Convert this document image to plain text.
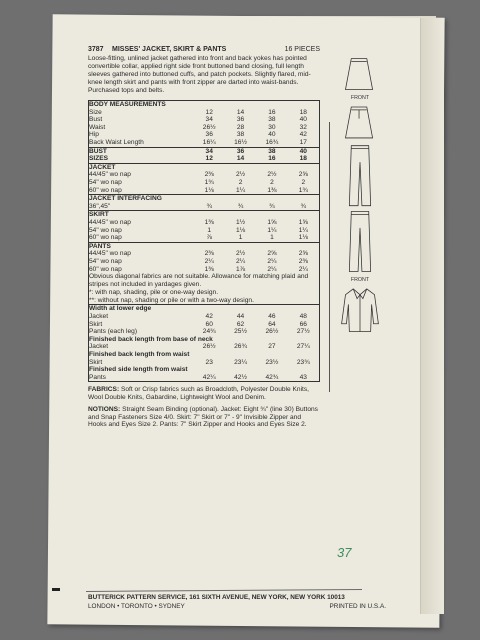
3787	MISSES' JACKET, SKIRT & PANTS	16 PIECES

Loose-fitting, unlined jacket gathered into front and back yokes has pointed convertible collar, applied right side front buttoned band closing, full length sleeves gathered into buttoned cuffs, and patch pockets. Slightly flared, mid-knee length skirt and pants with front zipper are darted into waist-bands. Purchased tops and belts.

BODY MEASUREMENTS				
Size	12	14	16	18
Bust	34	36	38	40
Waist	26½	28	30	32
Hip	36	38	40	42
Back Waist Length	16¼	16½	16¾	17
BUST	34	36	38	40
SIZES	12	14	16	18
JACKET				
44/45" wo nap	2⅜	2½	2½	2⅝
54" wo nap	1¾	2	2	2
60" wo nap	1⅛	1¼	1⅜	1¾
JACKET INTERFACING				
36",45"	¾	¾	¾	¾
SKIRT				
44/45" wo nap	1⅜	1½	1⅝	1⅝
54" wo nap	1	1⅛	1¼	1¼
60" wo nap	⅞	1	1	1⅛
PANTS				
44/45" wo nap	2⅜	2½	2⅝	2⅝
54" wo nap	2¼	2¼	2¼	2⅜
60" wo nap	1⅜	1⅞	2¼	2¼
Obvious diagonal fabrics are not suitable. Allowance for matching plaid and stripes not included in yardages given.				
*: with nap, shading, pile or one-way design.				
**: without nap, shading or pile or with a two-way design.				
Width at lower edge				
Jacket	42	44	46	48
Skirt	60	62	64	66
Pants (each leg)	24¾	25½	26½	27½
Finished back length from base of neck				
Jacket	26½	26¾	27	27¼
Finished back length from waist				
Skirt	23	23¼	23½	23¾
Finished side length from waist				
Pants	42¼	42½	42¾	43

FABRICS: Soft or Crisp fabrics such as Broadcloth, Polyester Double Knits, Wool Double Knits, Gabardine, Lightweight Wool and Denim.

NOTIONS: Straight Seam Binding (optional). Jacket: Eight ¾" (line 30) Buttons and Snap Fasteners Size 4/0. Skirt: 7" Skirt or 7" - 9" Invisible Zipper and Hooks and Eyes Size 2. Pants: 7" Skirt Zipper and Hooks and Eyes Size 2.

FRONT
FRONT
37
BUTTERICK PATTERN SERVICE, 161 SIXTH AVENUE, NEW YORK, NEW YORK 10013
LONDON • TORONTO • SYDNEY	PRINTED IN U.S.A.
